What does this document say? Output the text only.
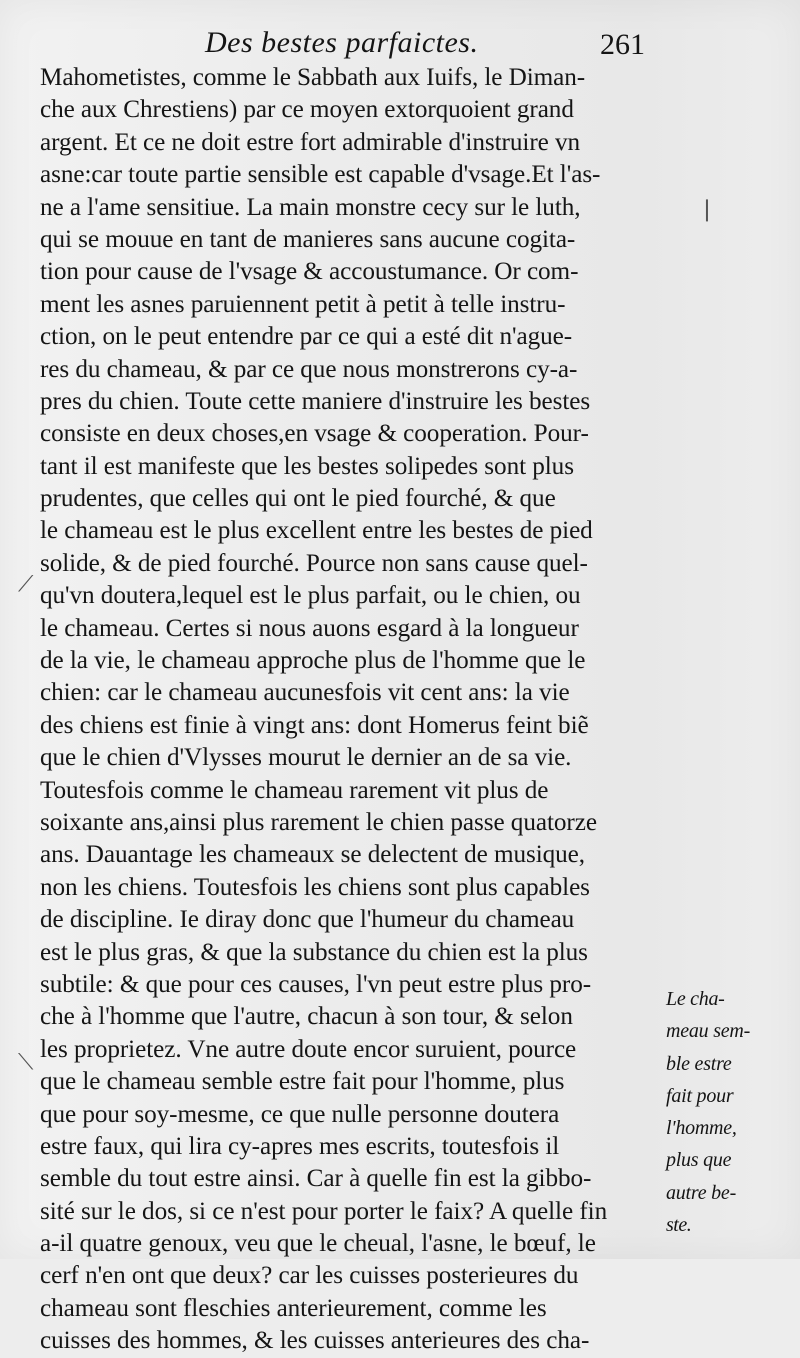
Des bestes parfaictes.	261
Mahometistes, comme le Sabbath aux Iuifs, le Diman-
che aux Chrestiens) par ce moyen extorquoient grand
argent. Et ce ne doit estre fort admirable d'instruire vn
asne:car toute partie sensible est capable d'vsage.Et l'as-
ne a l'ame sensitiue. La main monstre cecy sur le luth,
qui se mouue en tant de manieres sans aucune cogita-
tion pour cause de l'vsage & accoustumance. Or com-
ment les asnes paruiennent petit à petit à telle instru-
ction, on le peut entendre par ce qui a esté dit n'ague-
res du chameau, & par ce que nous monstrerons cy-a-
pres du chien. Toute cette maniere d'instruire les bestes
consiste en deux choses,en vsage & cooperation. Pour-
tant il est manifeste que les bestes solipedes sont plus
prudentes, que celles qui ont le pied fourché, & que
le chameau est le plus excellent entre les bestes de pied
solide, & de pied fourché. Pource non sans cause quel-
qu'vn doutera,lequel est le plus parfait, ou le chien, ou
le chameau. Certes si nous auons esgard à la longueur
de la vie, le chameau approche plus de l'homme que le
chien: car le chameau aucunesfois vit cent ans: la vie
des chiens est finie à vingt ans: dont Homerus feint biẽ
que le chien d'Vlysses mourut le dernier an de sa vie.
Toutesfois comme le chameau rarement vit plus de
soixante ans,ainsi plus rarement le chien passe quatorze
ans. Dauantage les chameaux se delectent de musique,
non les chiens. Toutesfois les chiens sont plus capables
de discipline. Ie diray donc que l'humeur du chameau
est le plus gras, & que la substance du chien est la plus
subtile: & que pour ces causes, l'vn peut estre plus pro-
che à l'homme que l'autre, chacun à son tour, & selon
les proprietez. Vne autre doute encor suruient, pource
que le chameau semble estre fait pour l'homme, plus
que pour soy-mesme, ce que nulle personne doutera
estre faux, qui lira cy-apres mes escrits, toutesfois il
semble du tout estre ainsi. Car à quelle fin est la gibbo-
sité sur le dos, si ce n'est pour porter le faix? A quelle fin
a-il quatre genoux, veu que le cheual, l'asne, le bœuf, le
cerf n'en ont que deux? car les cuisses posterieures du
chameau sont fleschies anterieurement, comme les
cuisses des hommes, & les cuisses anterieures des cha-
Le cha-
meau sem-
ble estre
fait pour
l'homme,
plus que
autre be-
ste.
⎸
⟋
⟍
